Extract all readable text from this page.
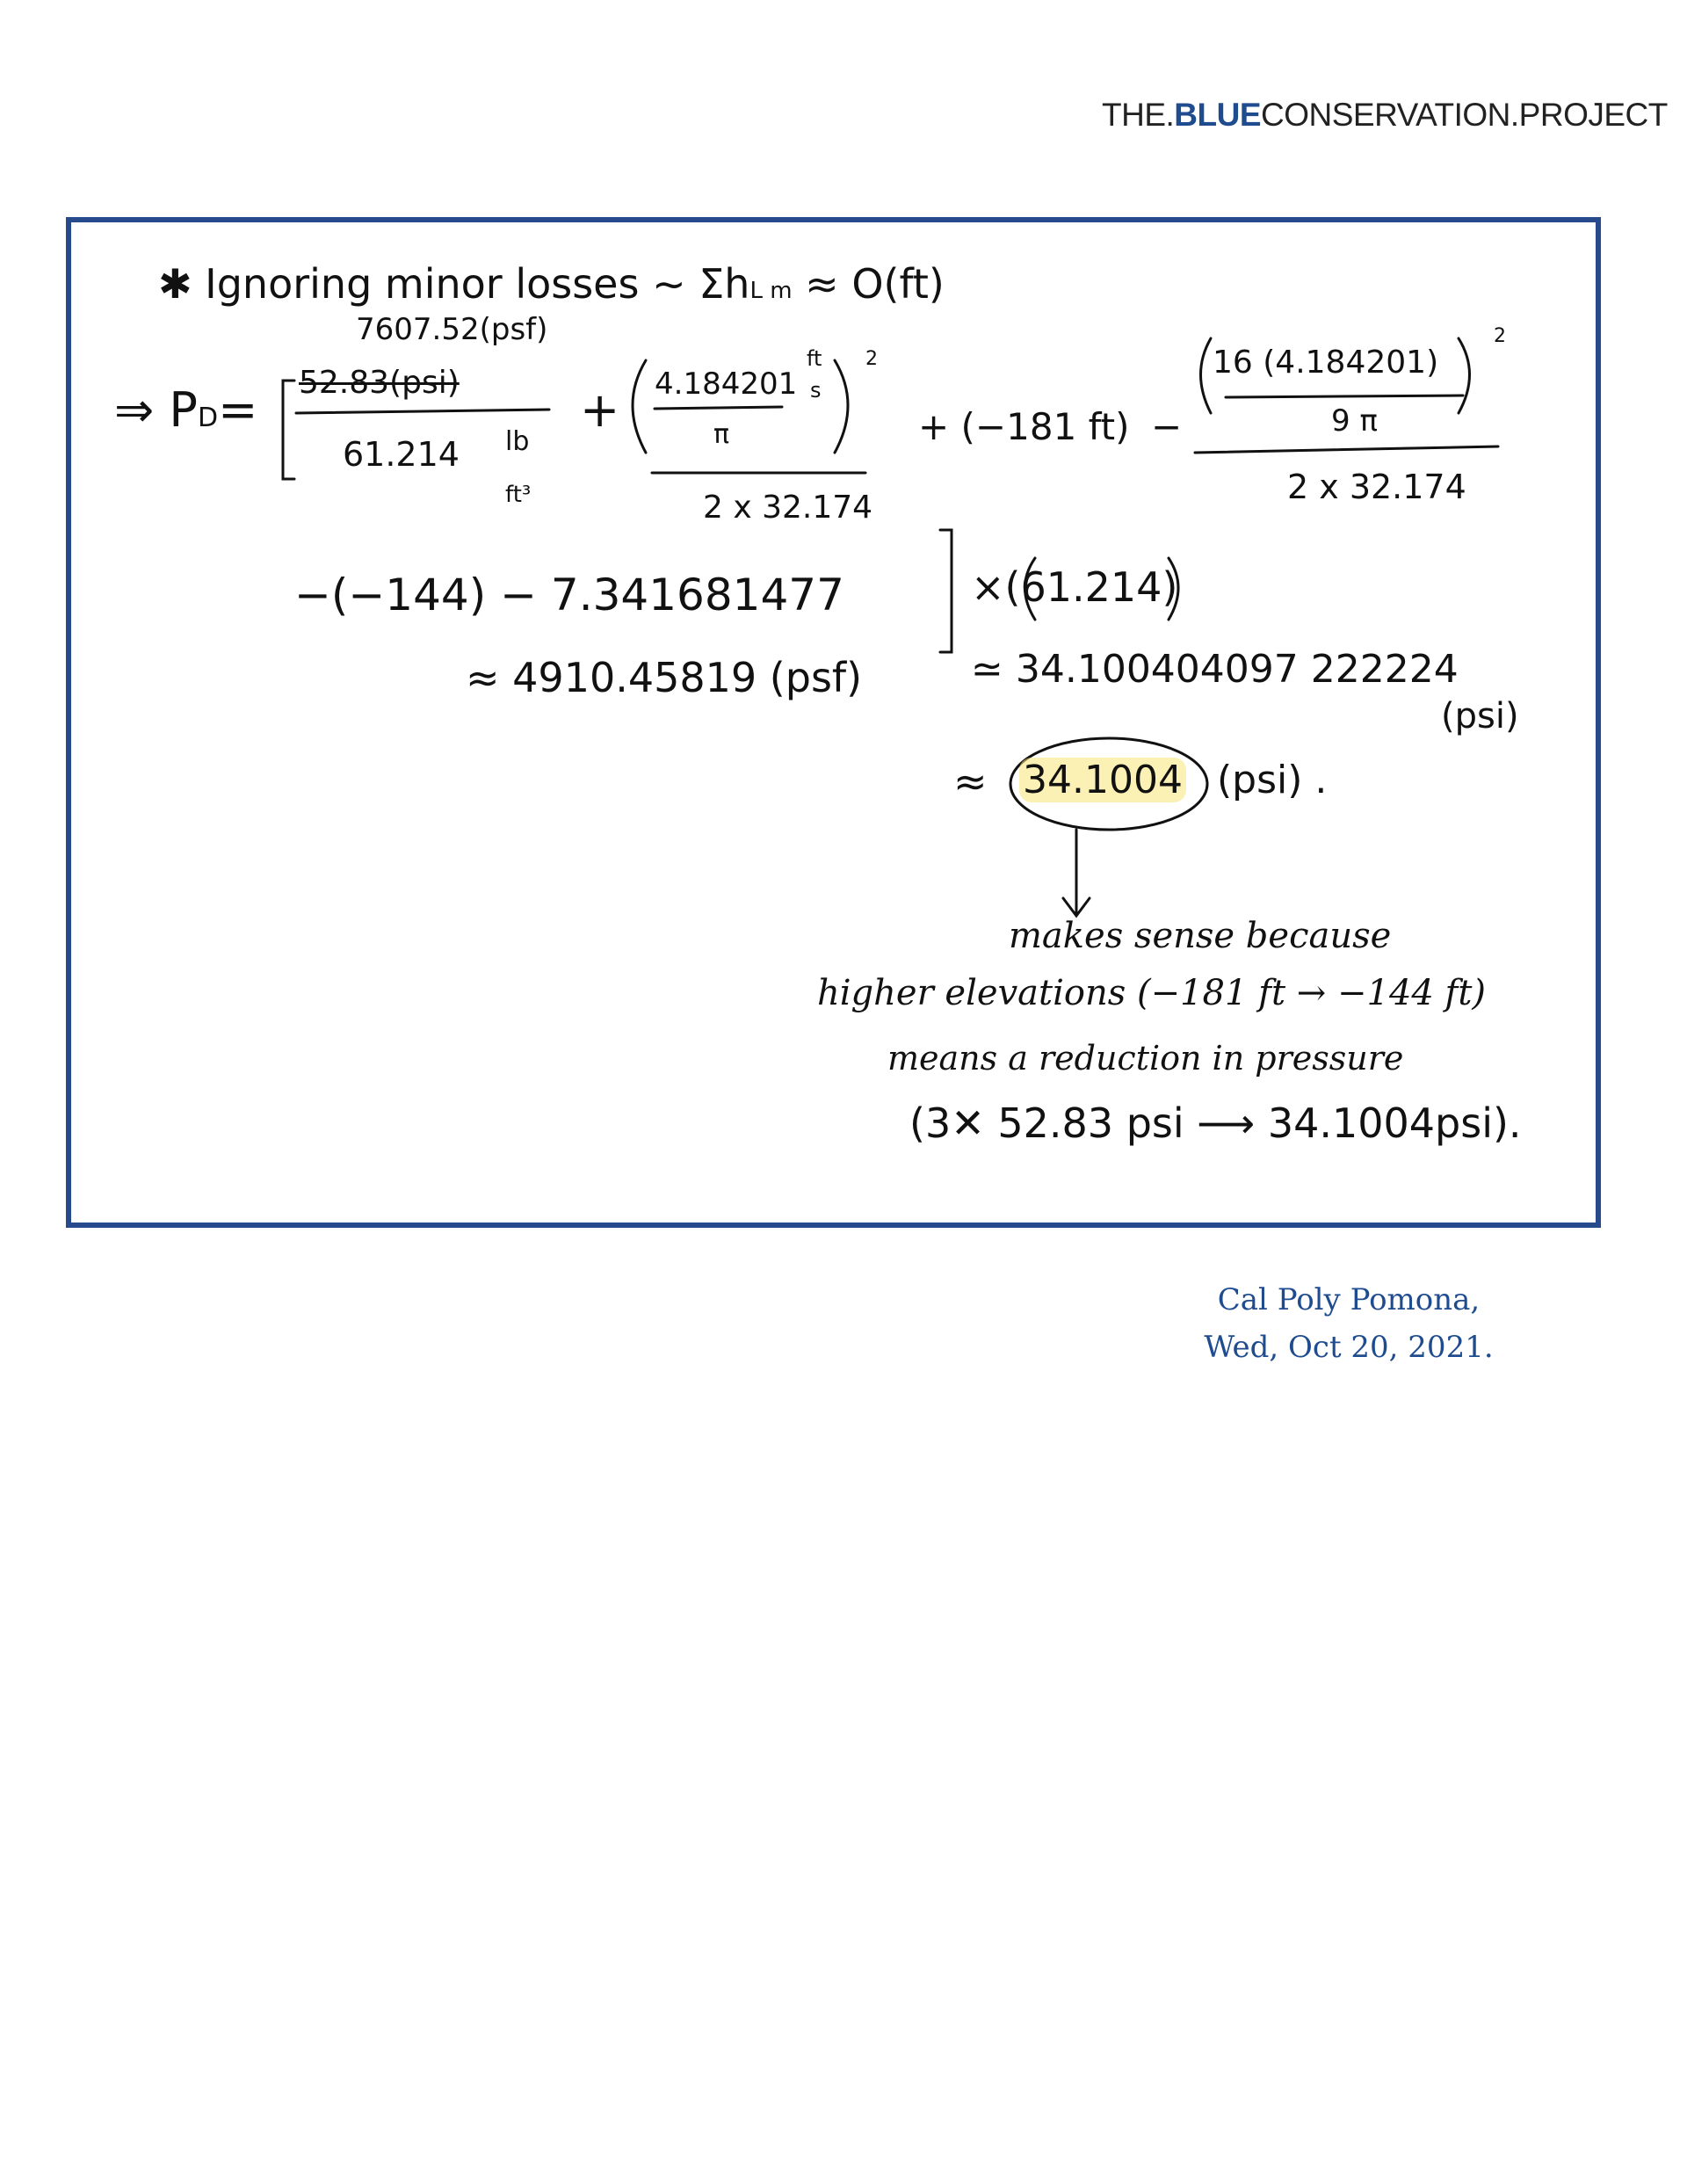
THE.BLUECONSERVATION.PROJECT
✱ Ignoring minor losses ~ ΣhL m ≈ O(ft)
7607.52(psf)
⇒ PD= 52.83(psi)
61.214 lb
ft³
+ 4.184201
ft
s
π
2
2 x 32.174
+ (−181 ft) −
16 (4.184201)
9 π
2
2 x 32.174
−(−144) − 7.341681477	×(61.214)
≈ 4910.45819 (psf)	≃ 34.100404097 222224
(psi)
≈ 34.1004 (psi) .
makes sense because
higher elevations (−181 ft → −144 ft)
means a reduction in pressure
(3✕ 52.83 psi ⟶ 34.1004psi).
Cal Poly Pomona,
Wed, Oct 20, 2021.
